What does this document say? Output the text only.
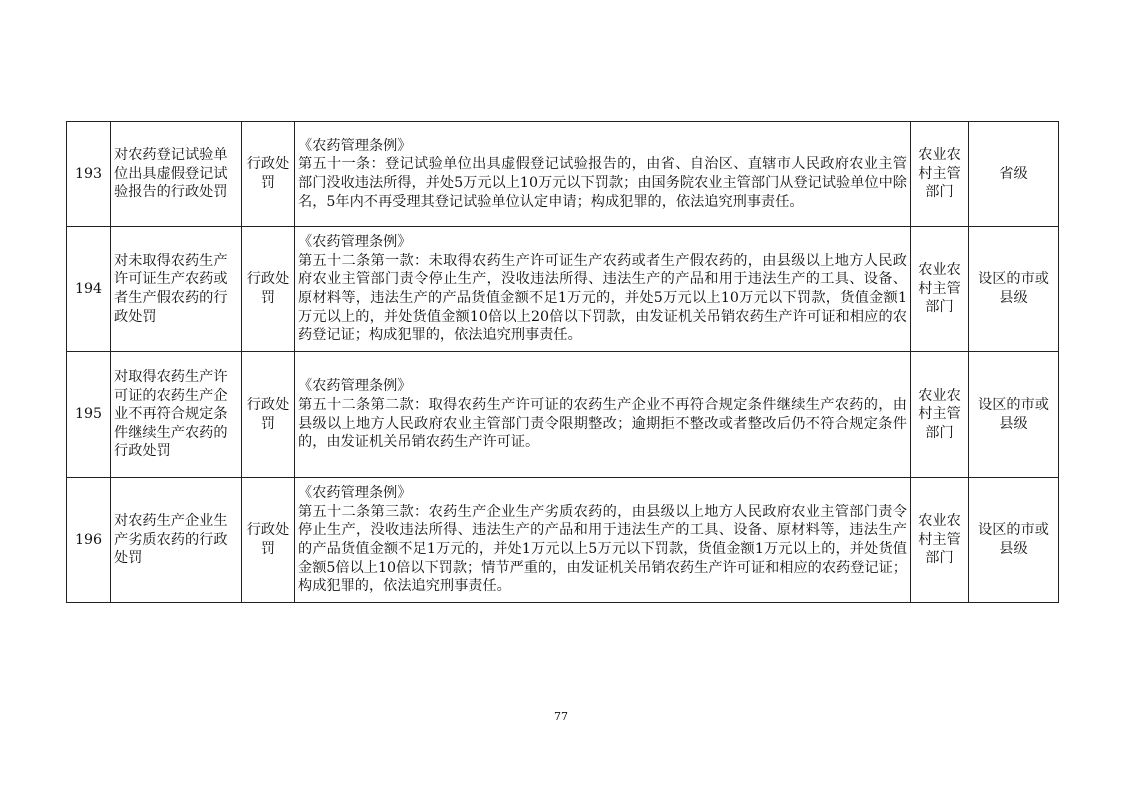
193	对农药登记试验单位出具虚假登记试验报告的行政处罚	行政处罚	《农药管理条例》
第五十一条：登记试验单位出具虚假登记试验报告的，由省、自治区、直辖市人民政府农业主管部门没收违法所得，并处5万元以上10万元以下罚款；由国务院农业主管部门从登记试验单位中除名，5年内不再受理其登记试验单位认定申请；构成犯罪的，依法追究刑事责任。	农业农村主管部门	省级
194	对未取得农药生产许可证生产农药或者生产假农药的行政处罚	行政处罚	《农药管理条例》
第五十二条第一款：未取得农药生产许可证生产农药或者生产假农药的，由县级以上地方人民政府农业主管部门责令停止生产，没收违法所得、违法生产的产品和用于违法生产的工具、设备、原材料等，违法生产的产品货值金额不足1万元的，并处5万元以上10万元以下罚款，货值金额1万元以上的，并处货值金额10倍以上20倍以下罚款，由发证机关吊销农药生产许可证和相应的农药登记证；构成犯罪的，依法追究刑事责任。	农业农村主管部门	设区的市或县级
195	对取得农药生产许可证的农药生产企业不再符合规定条件继续生产农药的行政处罚	行政处罚	《农药管理条例》
第五十二条第二款：取得农药生产许可证的农药生产企业不再符合规定条件继续生产农药的，由县级以上地方人民政府农业主管部门责令限期整改；逾期拒不整改或者整改后仍不符合规定条件的，由发证机关吊销农药生产许可证。	农业农村主管部门	设区的市或县级
196	对农药生产企业生产劣质农药的行政处罚	行政处罚	《农药管理条例》
第五十二条第三款：农药生产企业生产劣质农药的，由县级以上地方人民政府农业主管部门责令停止生产，没收违法所得、违法生产的产品和用于违法生产的工具、设备、原材料等，违法生产的产品货值金额不足1万元的，并处1万元以上5万元以下罚款，货值金额1万元以上的，并处货值金额5倍以上10倍以下罚款；情节严重的，由发证机关吊销农药生产许可证和相应的农药登记证；构成犯罪的，依法追究刑事责任。	农业农村主管部门	设区的市或县级
77
